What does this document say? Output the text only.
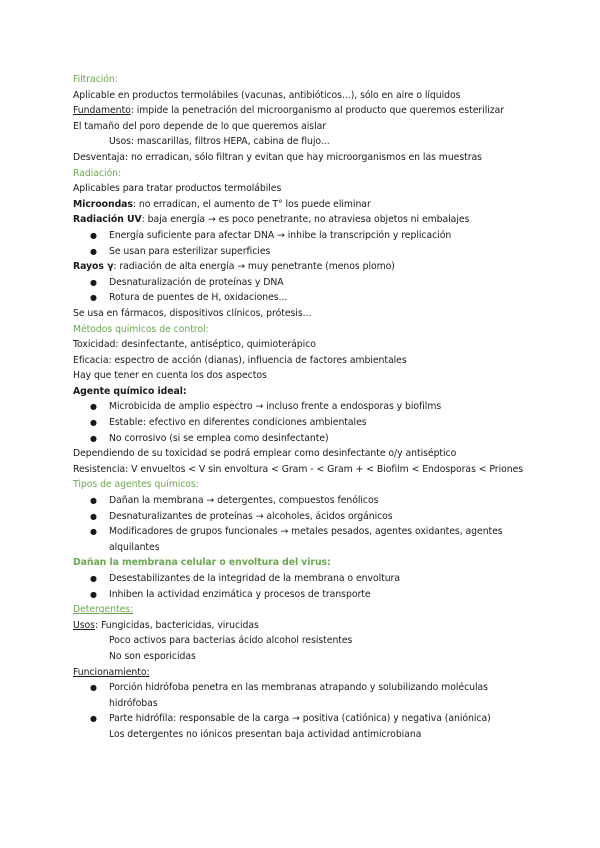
Filtración:
Aplicable en productos termolábiles (vacunas, antibióticos...), sólo en aire o líquidos
Fundamento: impide la penetración del microorganismo al producto que queremos esterilizar
El tamaño del poro depende de lo que queremos aislar
Usos: mascarillas, filtros HEPA, cabina de flujo...
Desventaja: no erradican, sólo filtran y evitan que hay microorganismos en las muestras
Radiación:
Aplicables para tratar productos termolábiles
Microondas: no erradican, el aumento de T° los puede eliminar
Radiación UV: baja energía → es poco penetrante, no atraviesa objetos ni embalajes
● Energía suficiente para afectar DNA → inhibe la transcripción y replicación
● Se usan para esterilizar superficies
Rayos γ: radiación de alta energía → muy penetrante (menos plomo)
● Desnaturalización de proteínas y DNA
● Rotura de puentes de H, oxidaciones...
Se usa en fármacos, dispositivos clínicos, prótesis...
Métodos químicos de control:
Toxicidad: desinfectante, antiséptico, quimioterápico
Eficacia: espectro de acción (dianas), influencia de factores ambientales
Hay que tener en cuenta los dos aspectos
Agente químico ideal:
● Microbicida de amplio espectro → incluso frente a endosporas y biofilms
● Estable: efectivo en diferentes condiciones ambientales
● No corrosivo (si se emplea como desinfectante)
Dependiendo de su toxicidad se podrá emplear como desinfectante o/y antiséptico
Resistencia: V envueltos < V sin envoltura < Gram - < Gram + < Biofilm < Endosporas < Priones
Tipos de agentes químicos:
● Dañan la membrana → detergentes, compuestos fenólicos
● Desnaturalizantes de proteínas → alcoholes, ácidos orgánicos
● Modificadores de grupos funcionales → metales pesados, agentes oxidantes, agentes
alquilantes
Dañan la membrana celular o envoltura del virus:
● Desestabilizantes de la integridad de la membrana o envoltura
● Inhiben la actividad enzimática y procesos de transporte
Detergentes:
Usos: Fungicidas, bactericidas, virucidas
Poco activos para bacterias ácido alcohol resistentes
No son esporicidas
Funcionamiento:
● Porción hidrófoba penetra en las membranas atrapando y solubilizando moléculas
hidrófobas
● Parte hidrófila: responsable de la carga → positiva (catiónica) y negativa (aniónica)
Los detergentes no iónicos presentan baja actividad antimicrobiana
